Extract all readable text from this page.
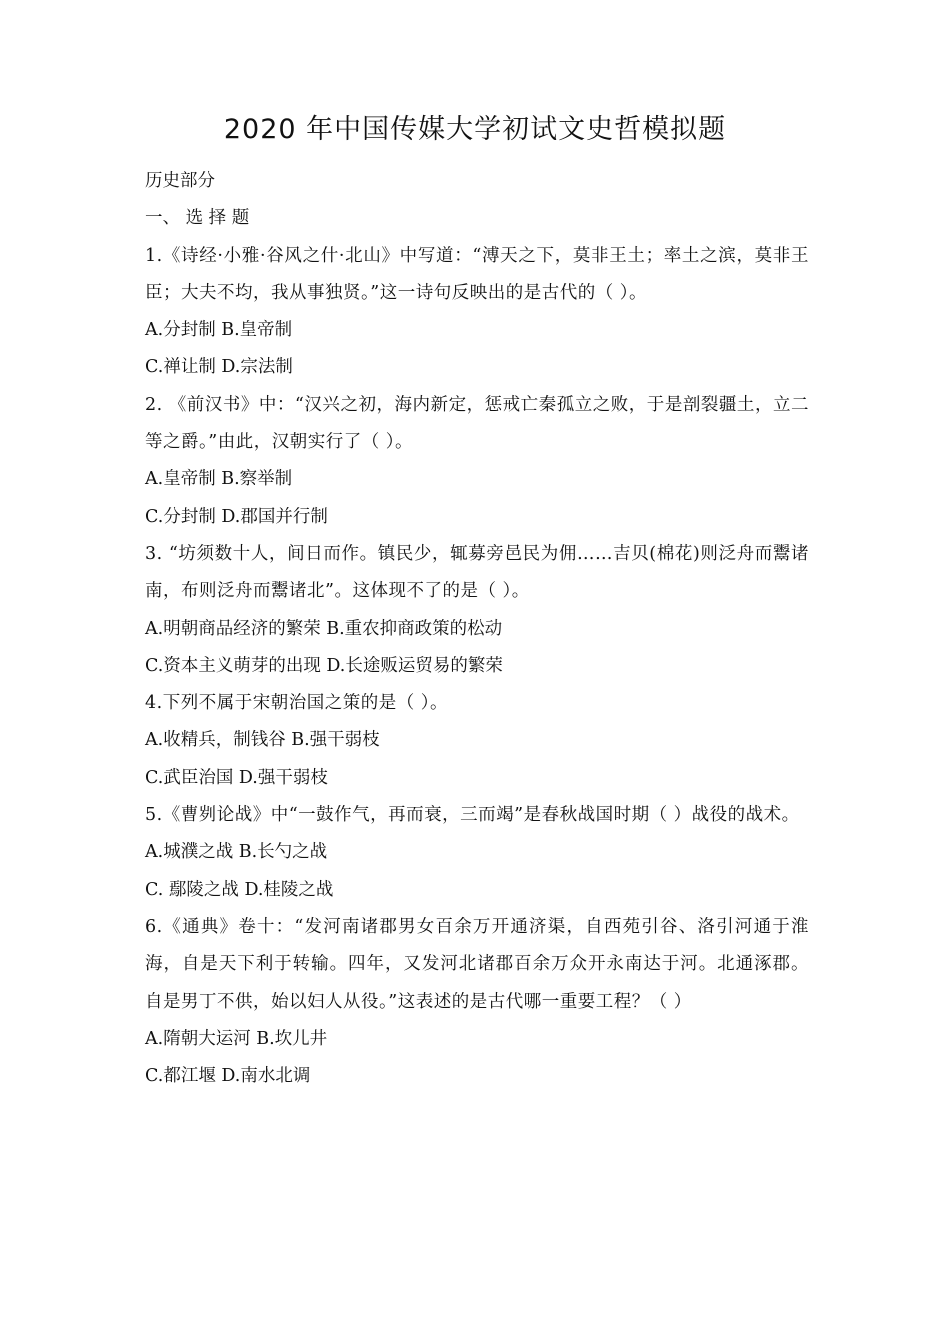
2020 年中国传媒大学初试文史哲模拟题

历史部分

一、 选 择 题

1.《诗经·小雅·谷风之什·北山》中写道：“溥天之下，莫非王土；率土之滨，莫非王臣；大夫不均，我从事独贤。”这一诗句反映出的是古代的（ ）。

A.分封制 B.皇帝制

C.禅让制 D.宗法制

2. 《前汉书》中：“汉兴之初，海内新定，惩戒亡秦孤立之败，于是剖裂疆土，立二等之爵。”由此，汉朝实行了（ ）。

A.皇帝制 B.察举制

C.分封制 D.郡国并行制

3. “坊须数十人，间日而作。镇民少，辄募旁邑民为佣……吉贝(棉花)则泛舟而鬻诸南，布则泛舟而鬻诸北”。这体现不了的是（ ）。

A.明朝商品经济的繁荣 B.重农抑商政策的松动

C.资本主义萌芽的出现 D.长途贩运贸易的繁荣

4.下列不属于宋朝治国之策的是（ ）。

A.收精兵，制钱谷 B.强干弱枝

C.武臣治国 D.强干弱枝

5.《曹刿论战》中“一鼓作气，再而衰，三而竭”是春秋战国时期（ ）战役的战术。

A.城濮之战 B.长勺之战

C. 鄢陵之战 D.桂陵之战

6.《通典》卷十：“发河南诸郡男女百余万开通济渠，自西苑引谷、洛引河通于淮海，自是天下利于转输。四年，又发河北诸郡百余万众开永南达于河。北通涿郡。自是男丁不供，始以妇人从役。”这表述的是古代哪一重要工程？（ ）

A.隋朝大运河 B.坎儿井

C.都江堰 D.南水北调
